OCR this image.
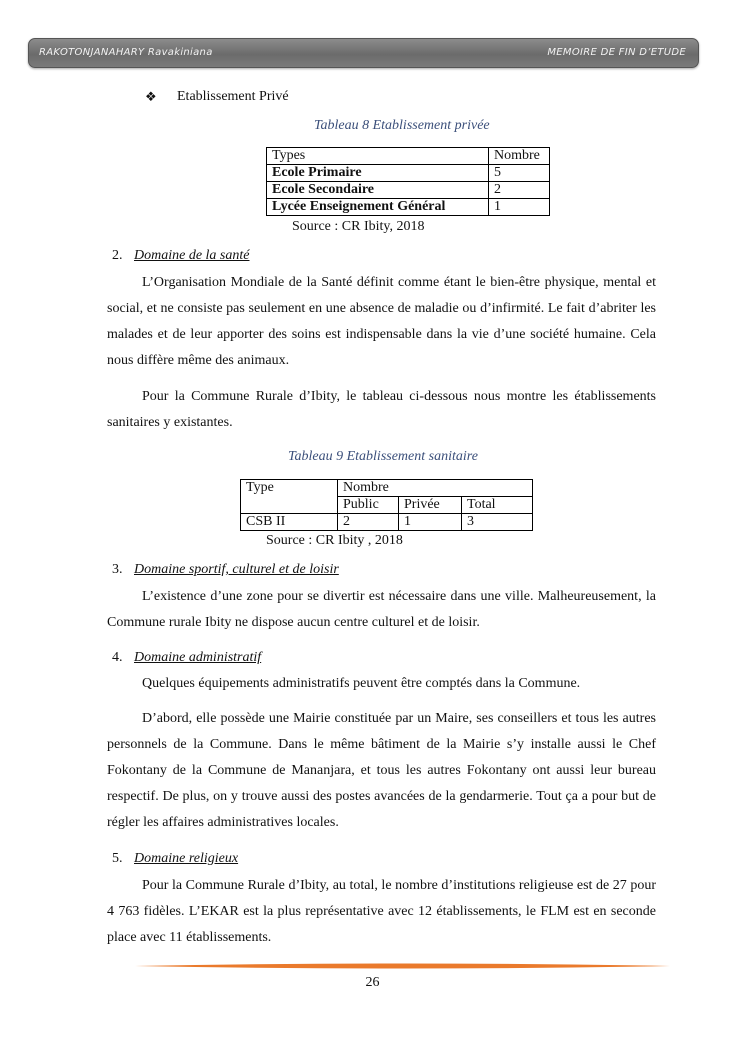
RAKOTONJANAHARY Ravakiniana	MEMOIRE DE FIN D’ETUDE
❖ Etablissement Privé
Tableau 8 Etablissement privée
Types	Nombre
Ecole Primaire	5
Ecole Secondaire	2
Lycée Enseignement Général	1
Source : CR Ibity, 2018
2. Domaine de la santé
L’Organisation Mondiale de la Santé définit comme étant le bien-être physique, mental et social, et ne consiste pas seulement en une absence de maladie ou d’infirmité. Le fait d’abriter les malades et de leur apporter des soins est indispensable dans la vie d’une société humaine. Cela nous diffère même des animaux.
Pour la Commune Rurale d’Ibity, le tableau ci-dessous nous montre les établissements sanitaires y existantes.
Tableau 9 Etablissement sanitaire
Type	Nombre		
	Public	Privée	Total
CSB II	2	1	3
Source : CR Ibity , 2018
3. Domaine sportif, culturel et de loisir
L’existence d’une zone pour se divertir est nécessaire dans une ville. Malheureusement, la Commune rurale Ibity ne dispose aucun centre culturel et de loisir.
4. Domaine administratif
Quelques équipements administratifs peuvent être comptés dans la Commune.
D’abord, elle possède une Mairie constituée par un Maire, ses conseillers et tous les autres personnels de la Commune. Dans le même bâtiment de la Mairie s’y installe aussi le Chef Fokontany de la Commune de Mananjara, et tous les autres Fokontany ont aussi leur bureau respectif. De plus, on y trouve aussi des postes avancées de la gendarmerie. Tout ça a pour but de régler les affaires administratives locales.
5. Domaine religieux
Pour la Commune Rurale d’Ibity, au total, le nombre d’institutions religieuse est de 27 pour 4 763 fidèles. L’EKAR est la plus représentative avec 12 établissements, le FLM est en seconde place avec 11 établissements.
26
